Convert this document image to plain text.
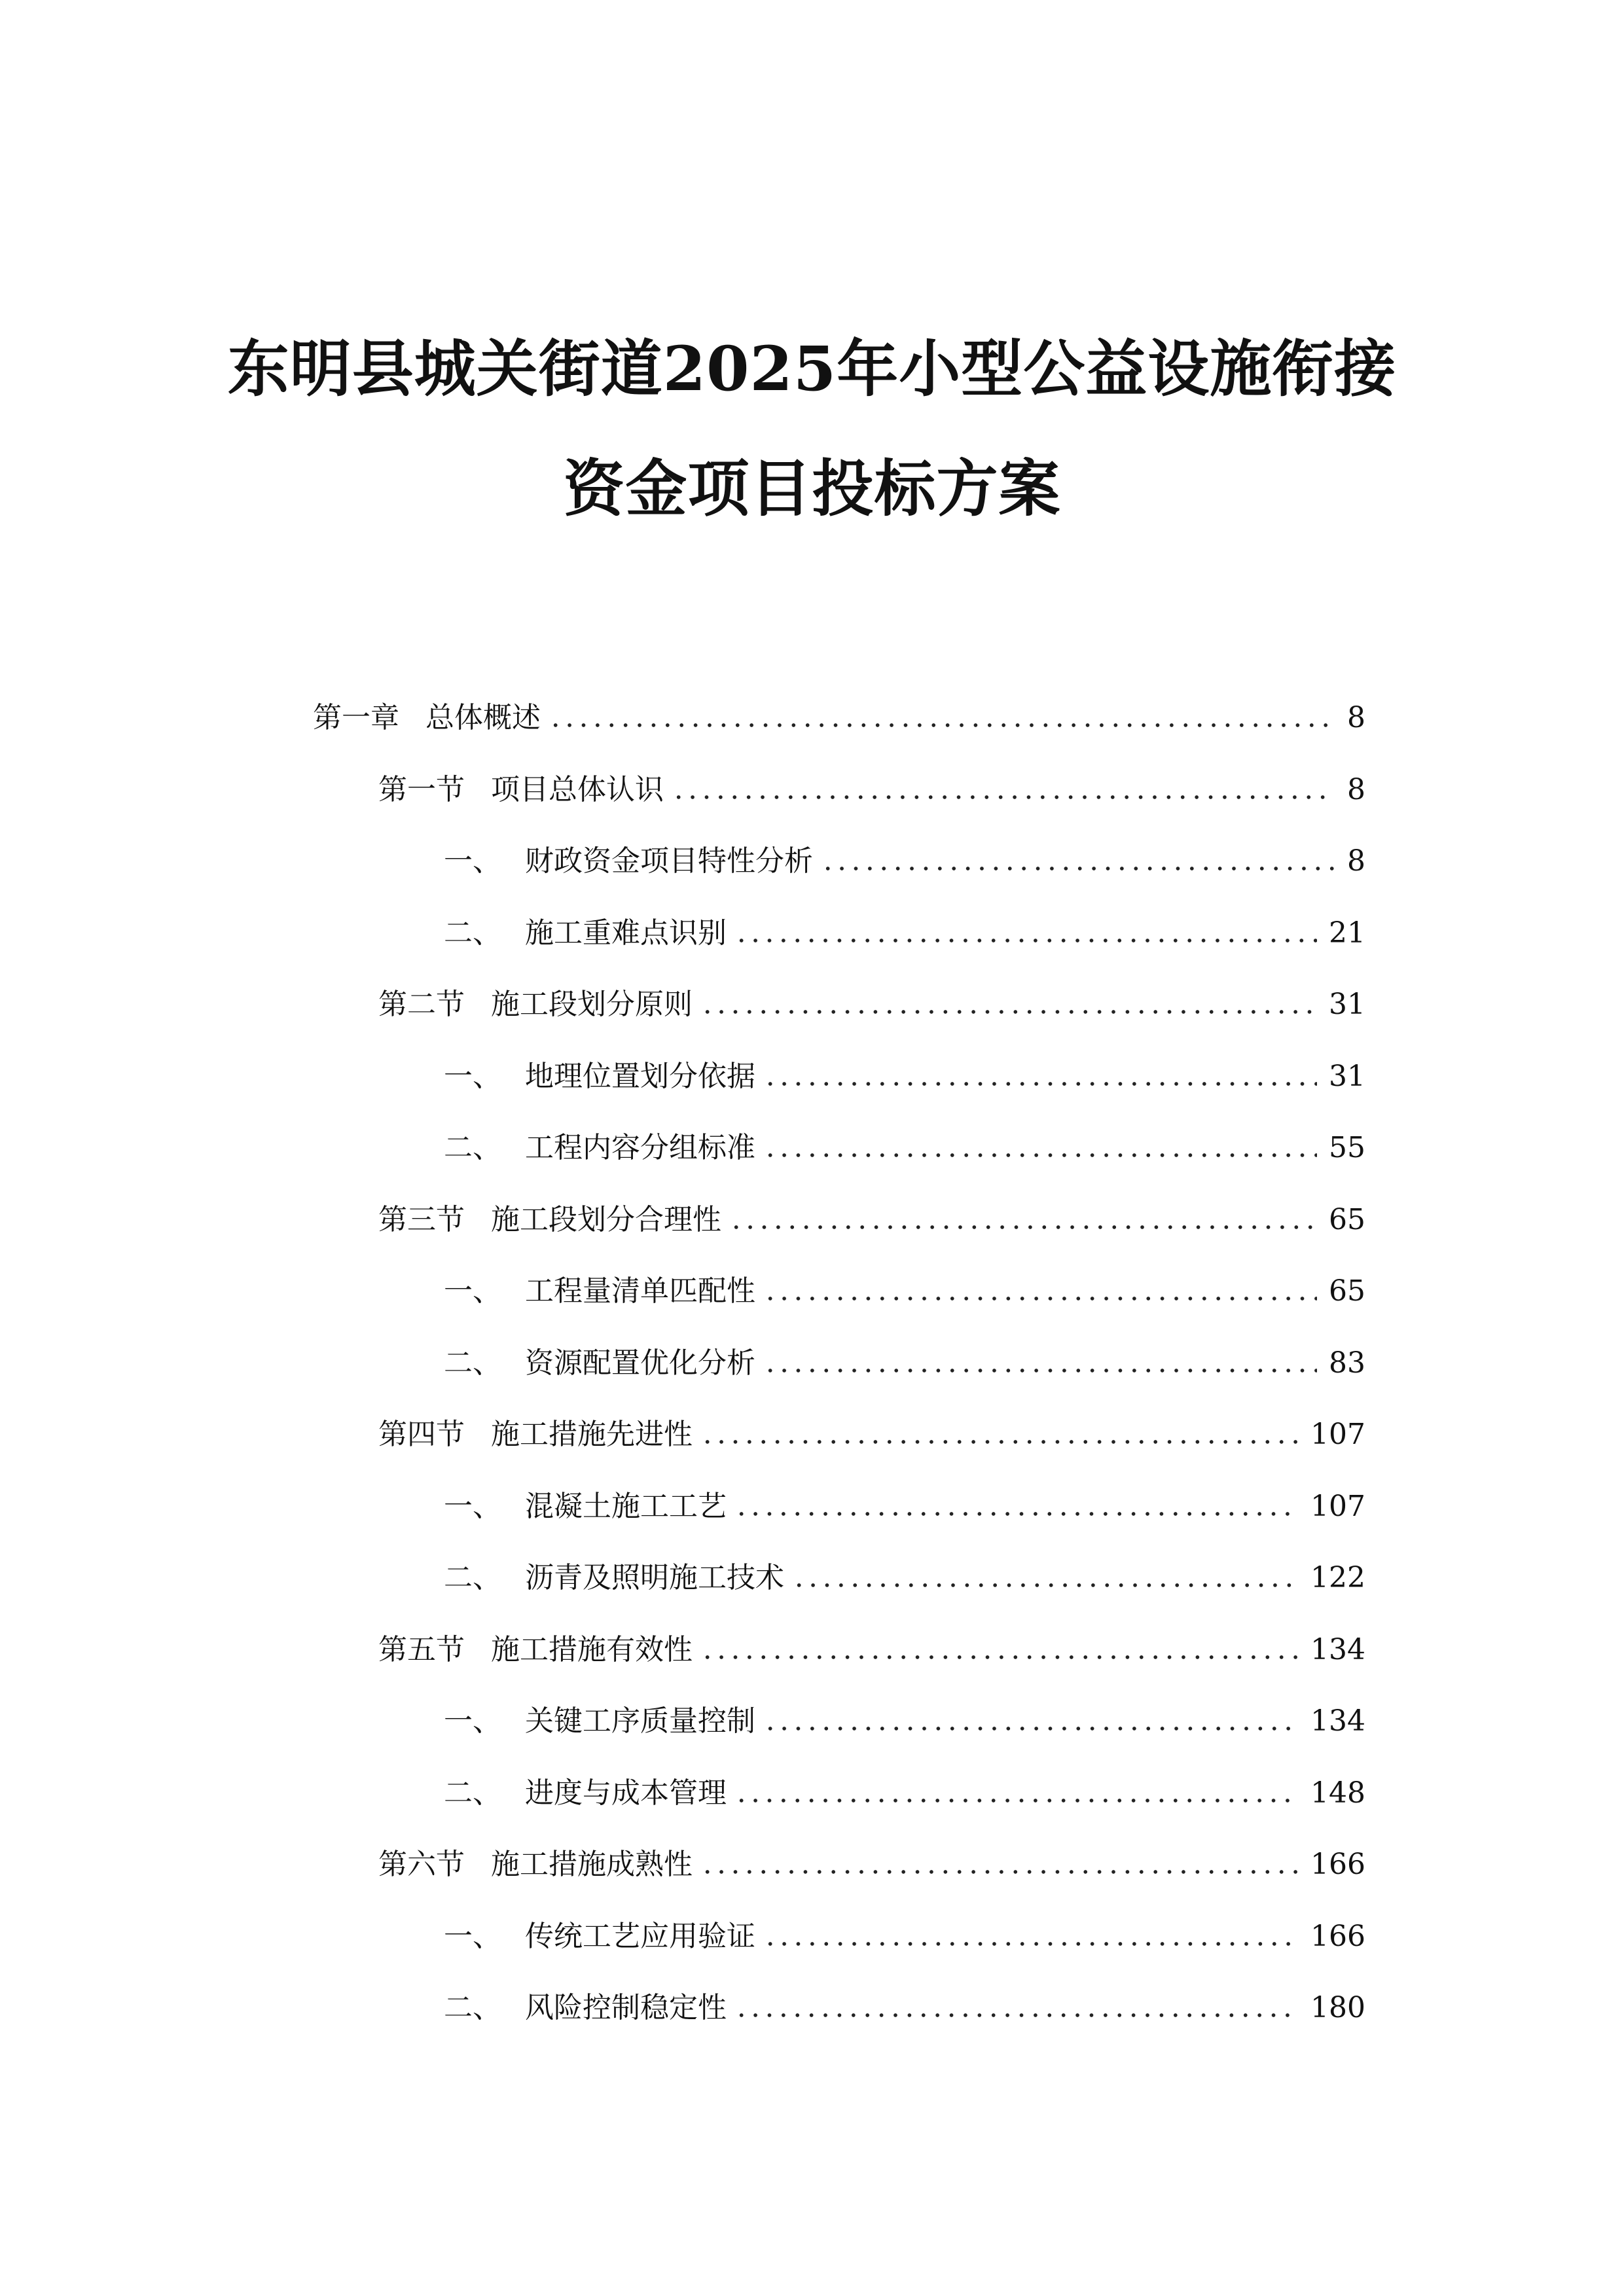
东明县城关街道2025年小型公益设施衔接
资金项目投标方案
第一章 总体概述	8
第一节 项目总体认识	8
一、 财政资金项目特性分析	8
二、 施工重难点识别	21
第二节 施工段划分原则	31
一、 地理位置划分依据	31
二、 工程内容分组标准	55
第三节 施工段划分合理性	65
一、 工程量清单匹配性	65
二、 资源配置优化分析	83
第四节 施工措施先进性	107
一、 混凝土施工工艺	107
二、 沥青及照明施工技术	122
第五节 施工措施有效性	134
一、 关键工序质量控制	134
二、 进度与成本管理	148
第六节 施工措施成熟性	166
一、 传统工艺应用验证	166
二、 风险控制稳定性	180
